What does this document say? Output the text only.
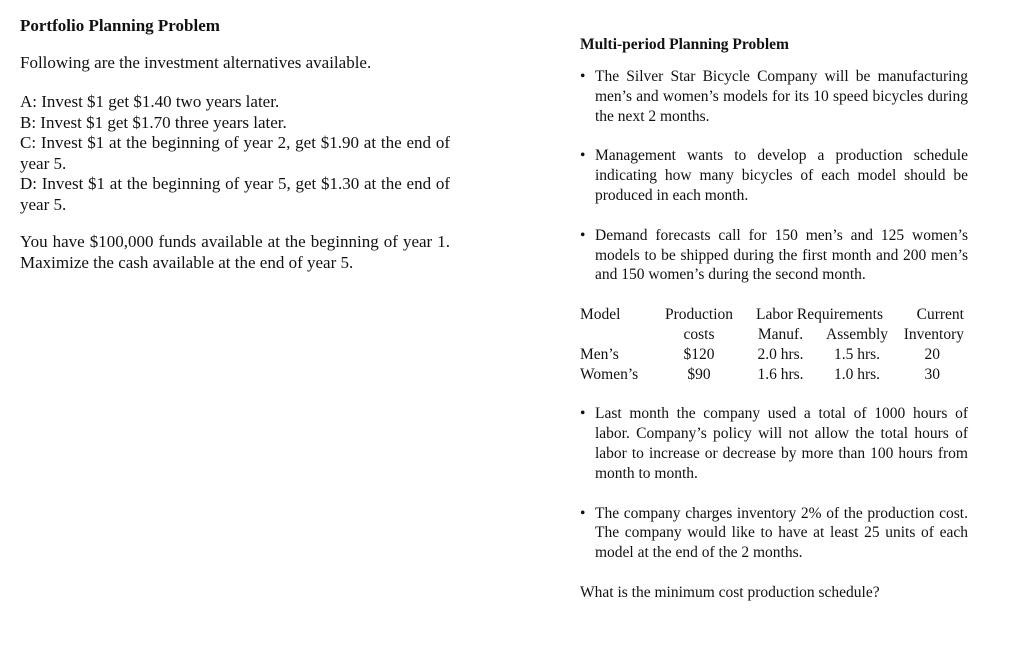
Portfolio Planning Problem
Following are the investment alternatives available.
A: Invest $1 get $1.40 two years later.
B: Invest $1 get $1.70 three years later.
C: Invest $1 at the beginning of year 2, get $1.90 at the end of year 5.
D: Invest $1 at the beginning of year 5, get $1.30 at the end of year 5.
You have $100,000 funds available at the beginning of year 1. Maximize the cash available at the end of year 5.
Multi-period Planning Problem
• The Silver Star Bicycle Company will be manufacturing men’s and women’s models for its 10 speed bicycles during the next 2 months.
• Management wants to develop a production schedule indicating how many bicycles of each model should be produced in each month.
• Demand forecasts call for 150 men’s and 125 women’s models to be shipped during the first month and 200 men’s and 150 women’s during the second month.
Model	Production	Labor Requirements		Current
	costs	Manuf.	Assembly	Inventory
Men’s	$120	2.0 hrs.	1.5 hrs.	20
Women’s	$90	1.6 hrs.	1.0 hrs.	30
• Last month the company used a total of 1000 hours of labor. Company’s policy will not allow the total hours of labor to increase or decrease by more than 100 hours from month to month.
• The company charges inventory 2% of the production cost. The company would like to have at least 25 units of each model at the end of the 2 months.
What is the minimum cost production schedule?
